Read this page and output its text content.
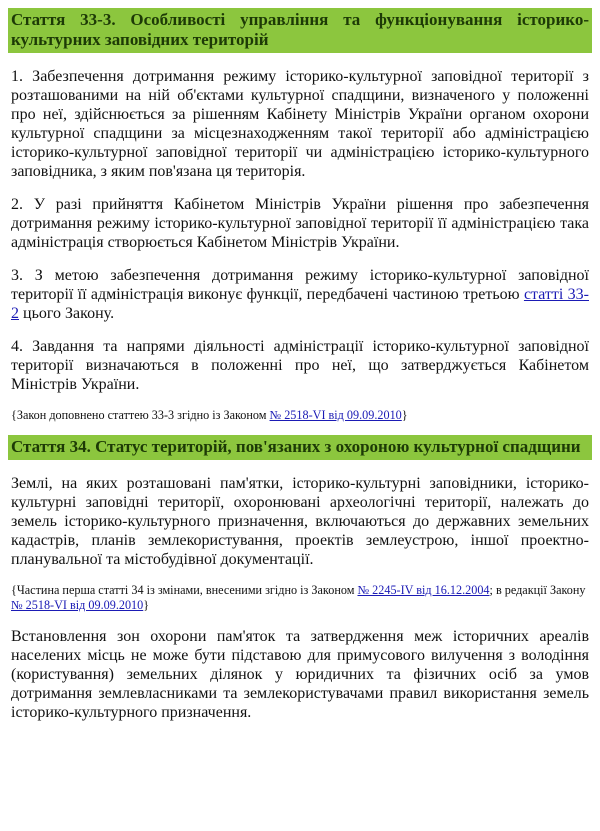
Стаття 33-3. Особливості управління та функціонування історико-культурних заповідних територій

1. Забезпечення дотримання режиму історико-культурної заповідної території з розташованими на ній об'єктами культурної спадщини, визначеного у положенні про неї, здійснюється за рішенням Кабінету Міністрів України органом охорони культурної спадщини за місцезнаходженням такої території або адміністрацією історико-культурної заповідної території чи адміністрацією історико-культурного заповідника, з яким пов'язана ця територія.

2. У разі прийняття Кабінетом Міністрів України рішення про забезпечення дотримання режиму історико-культурної заповідної території її адміністрацією така адміністрація створюється Кабінетом Міністрів України.

3. З метою забезпечення дотримання режиму історико-культурної заповідної території її адміністрація виконує функції, передбачені частиною третьою статті 33-2 цього Закону.

4. Завдання та напрями діяльності адміністрації історико-культурної заповідної території визначаються в положенні про неї, що затверджується Кабінетом Міністрів України.

{Закон доповнено статтею 33-3 згідно із Законом № 2518-VI від 09.09.2010}

Стаття 34. Статус територій, пов'язаних з охороною культурної спадщини

Землі, на яких розташовані пам'ятки, історико-культурні заповідники, історико-культурні заповідні території, охоронювані археологічні території, належать до земель історико-культурного призначення, включаються до державних земельних кадастрів, планів землекористування, проектів землеустрою, іншої проектно-планувальної та містобудівної документації.

{Частина перша статті 34 із змінами, внесеними згідно із Законом № 2245-IV від 16.12.2004; в редакції Закону № 2518-VI від 09.09.2010}

Встановлення зон охорони пам'яток та затвердження меж історичних ареалів населених місць не може бути підставою для примусового вилучення з володіння (користування) земельних ділянок у юридичних та фізичних осіб за умов дотримання землевласниками та землекористувачами правил використання земель історико-культурного призначення.
